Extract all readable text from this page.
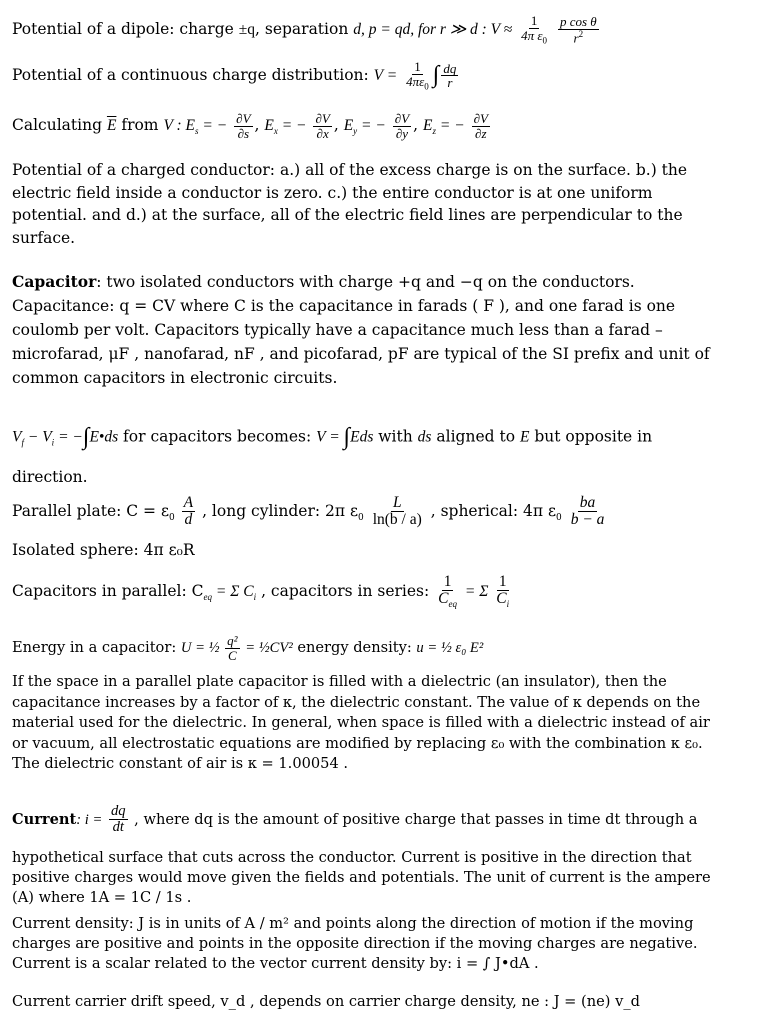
Potential of a dipole: charge ±q, separation d, p = qd, for r ≫ d : $V \approx \frac{1}{4\pi \varepsilon_0}$
$\frac{\text{p cos θ}}{r^2}$
Potential of a continuous charge distribution: $V = \frac{1}{4\pi\varepsilon_0}$ ∫ $\frac{dq}{r}$
Calculating $\overline{E}$ from V : $E_s$ = − $\frac{\partial V}{\partial s}$ , $E_x$ = − $\frac{\partial V}{\partial x}$ , $E_y$ = − $\frac{\partial V}{\partial y}$ , $E_z$ = − $\frac{\partial V}{\partial z}$
Potential of a charged conductor: a.) all of the excess charge is on the surface. b.) the electric field inside a conductor is zero. c.) the entire conductor is at one uniform potential. and d.) at the surface, all of the electric field lines are perpendicular to the surface.
Capacitor: two isolated conductors with charge +q and −q on the conductors.
Capacitance: q = CV where C is the capacitance in farads ( F ), and one farad is one coulomb per volt. Capacitors typically have a capacitance much less than a farad – microfarad, μF , nanofarad, nF , and picofarad, pF are typical of the SI prefix and unit of common capacitors in electronic circuits.
$V_f - V_i$ = −∫E•ds for capacitors becomes: V = ∫Eds with ds aligned to E but opposite in
direction.
Parallel plate: $C = \varepsilon_0 \frac{A}{d}$ , long cylinder: 2π $\varepsilon_0 \frac{L}{\ln(b / a)}$ , spherical: 4π $\varepsilon_0 \frac{ba}{b - a}$
Isolated sphere: 4π ε₀R
Capacitors in parallel: $C_{eq} = \Sigma$ $C_i$ , capacitors in series: $\frac{1}{C_{eq}} = \Sigma \frac{1}{C_i}$
Energy in a capacitor: U = ½ $\frac{\text{q²}}{C}$ = ½CV² energy density: u = ½ ε₀ E²
If the space in a parallel plate capacitor is filled with a dielectric (an insulator), then the capacitance increases by a factor of κ, the dielectric constant. The value of κ depends on the material used for the dielectric. In general, when space is filled with a dielectric instead of air or vacuum, all electrostatic equations are modified by replacing ε₀ with the combination κ ε₀. The dielectric constant of air is κ = 1.00054 .
Current: $i = \frac{dq}{dt}$ , where dq is the amount of positive charge that passes in time dt through a
hypothetical surface that cuts across the conductor. Current is positive in the direction that positive charges would move given the fields and potentials. The unit of current is the ampere (A) where 1A = 1C / 1s .
Current density: J is in units of A / m² and points along the direction of motion if the moving
charges are positive and points in the opposite direction if the moving charges are negative.
Current is a scalar related to the vector current density by: i = ∫ J•dA .
Current carrier drift speed, v_d , depends on carrier charge density, ne : J = (ne) v_d
